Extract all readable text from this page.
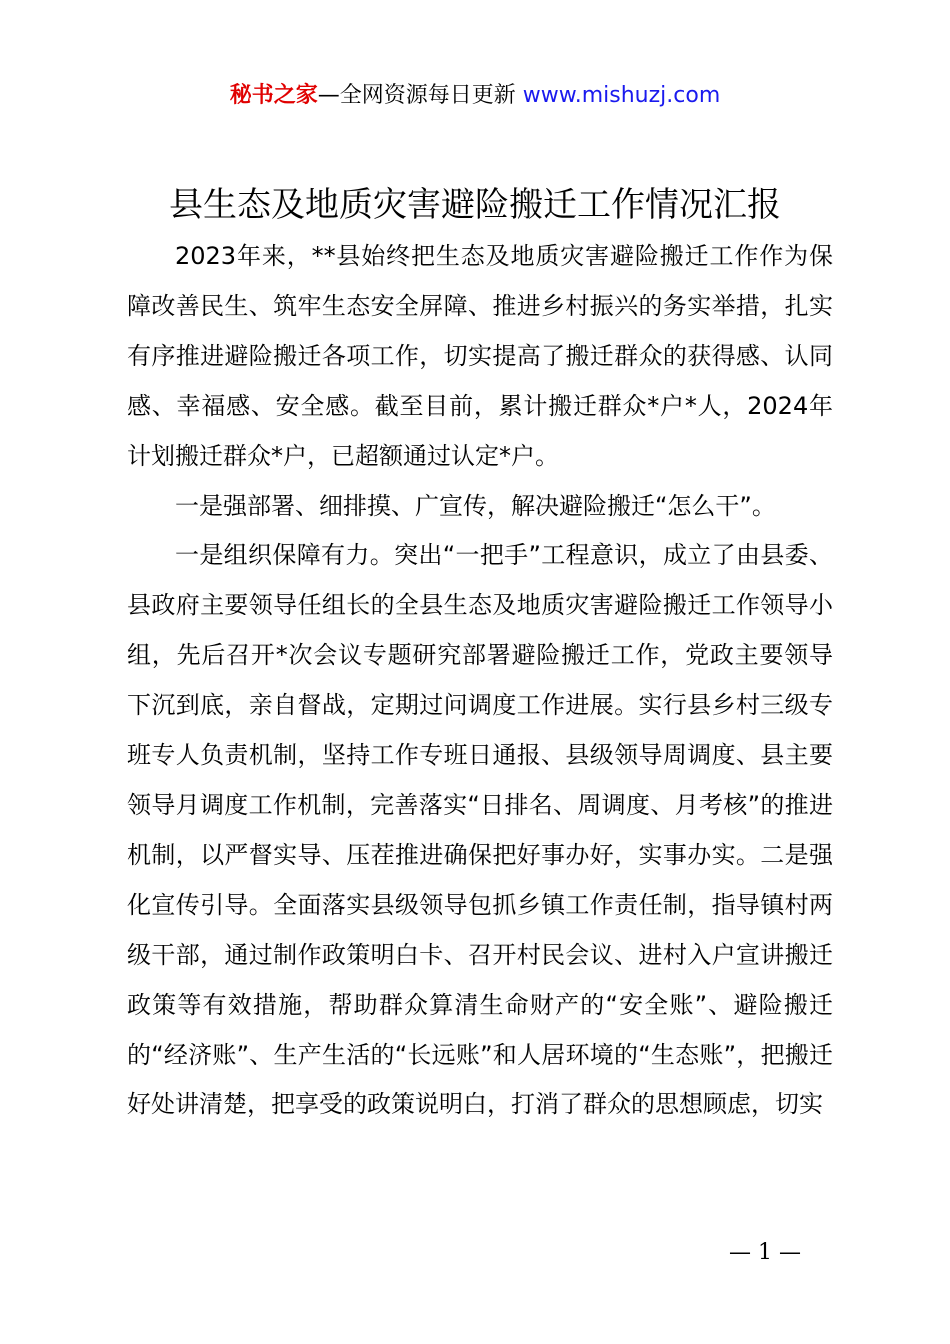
秘书之家—全网资源每日更新 www.mishuzj.com
县生态及地质灾害避险搬迁工作情况汇报

2023年来，**县始终把生态及地质灾害避险搬迁工作作为保障改善民生、筑牢生态安全屏障、推进乡村振兴的务实举措，扎实有序推进避险搬迁各项工作，切实提高了搬迁群众的获得感、认同感、幸福感、安全感。截至目前，累计搬迁群众*户*人，2024年计划搬迁群众*户，已超额通过认定*户。

一是强部署、细排摸、广宣传，解决避险搬迁“怎么干”。

一是组织保障有力。突出“一把手”工程意识，成立了由县委、县政府主要领导任组长的全县生态及地质灾害避险搬迁工作领导小组，先后召开*次会议专题研究部署避险搬迁工作，党政主要领导下沉到底，亲自督战，定期过问调度工作进展。实行县乡村三级专班专人负责机制，坚持工作专班日通报、县级领导周调度、县主要领导月调度工作机制，完善落实“日排名、周调度、月考核”的推进机制，以严督实导、压茬推进确保把好事办好，实事办实。二是强化宣传引导。全面落实县级领导包抓乡镇工作责任制，指导镇村两级干部，通过制作政策明白卡、召开村民会议、进村入户宣讲搬迁政策等有效措施，帮助群众算清生命财产的“安全账”、避险搬迁的“经济账”、生产生活的“长远账”和人居环境的“生态账”，把搬迁好处讲清楚，把享受的政策说明白，打消了群众的思想顾虑，切实

— 1 —
